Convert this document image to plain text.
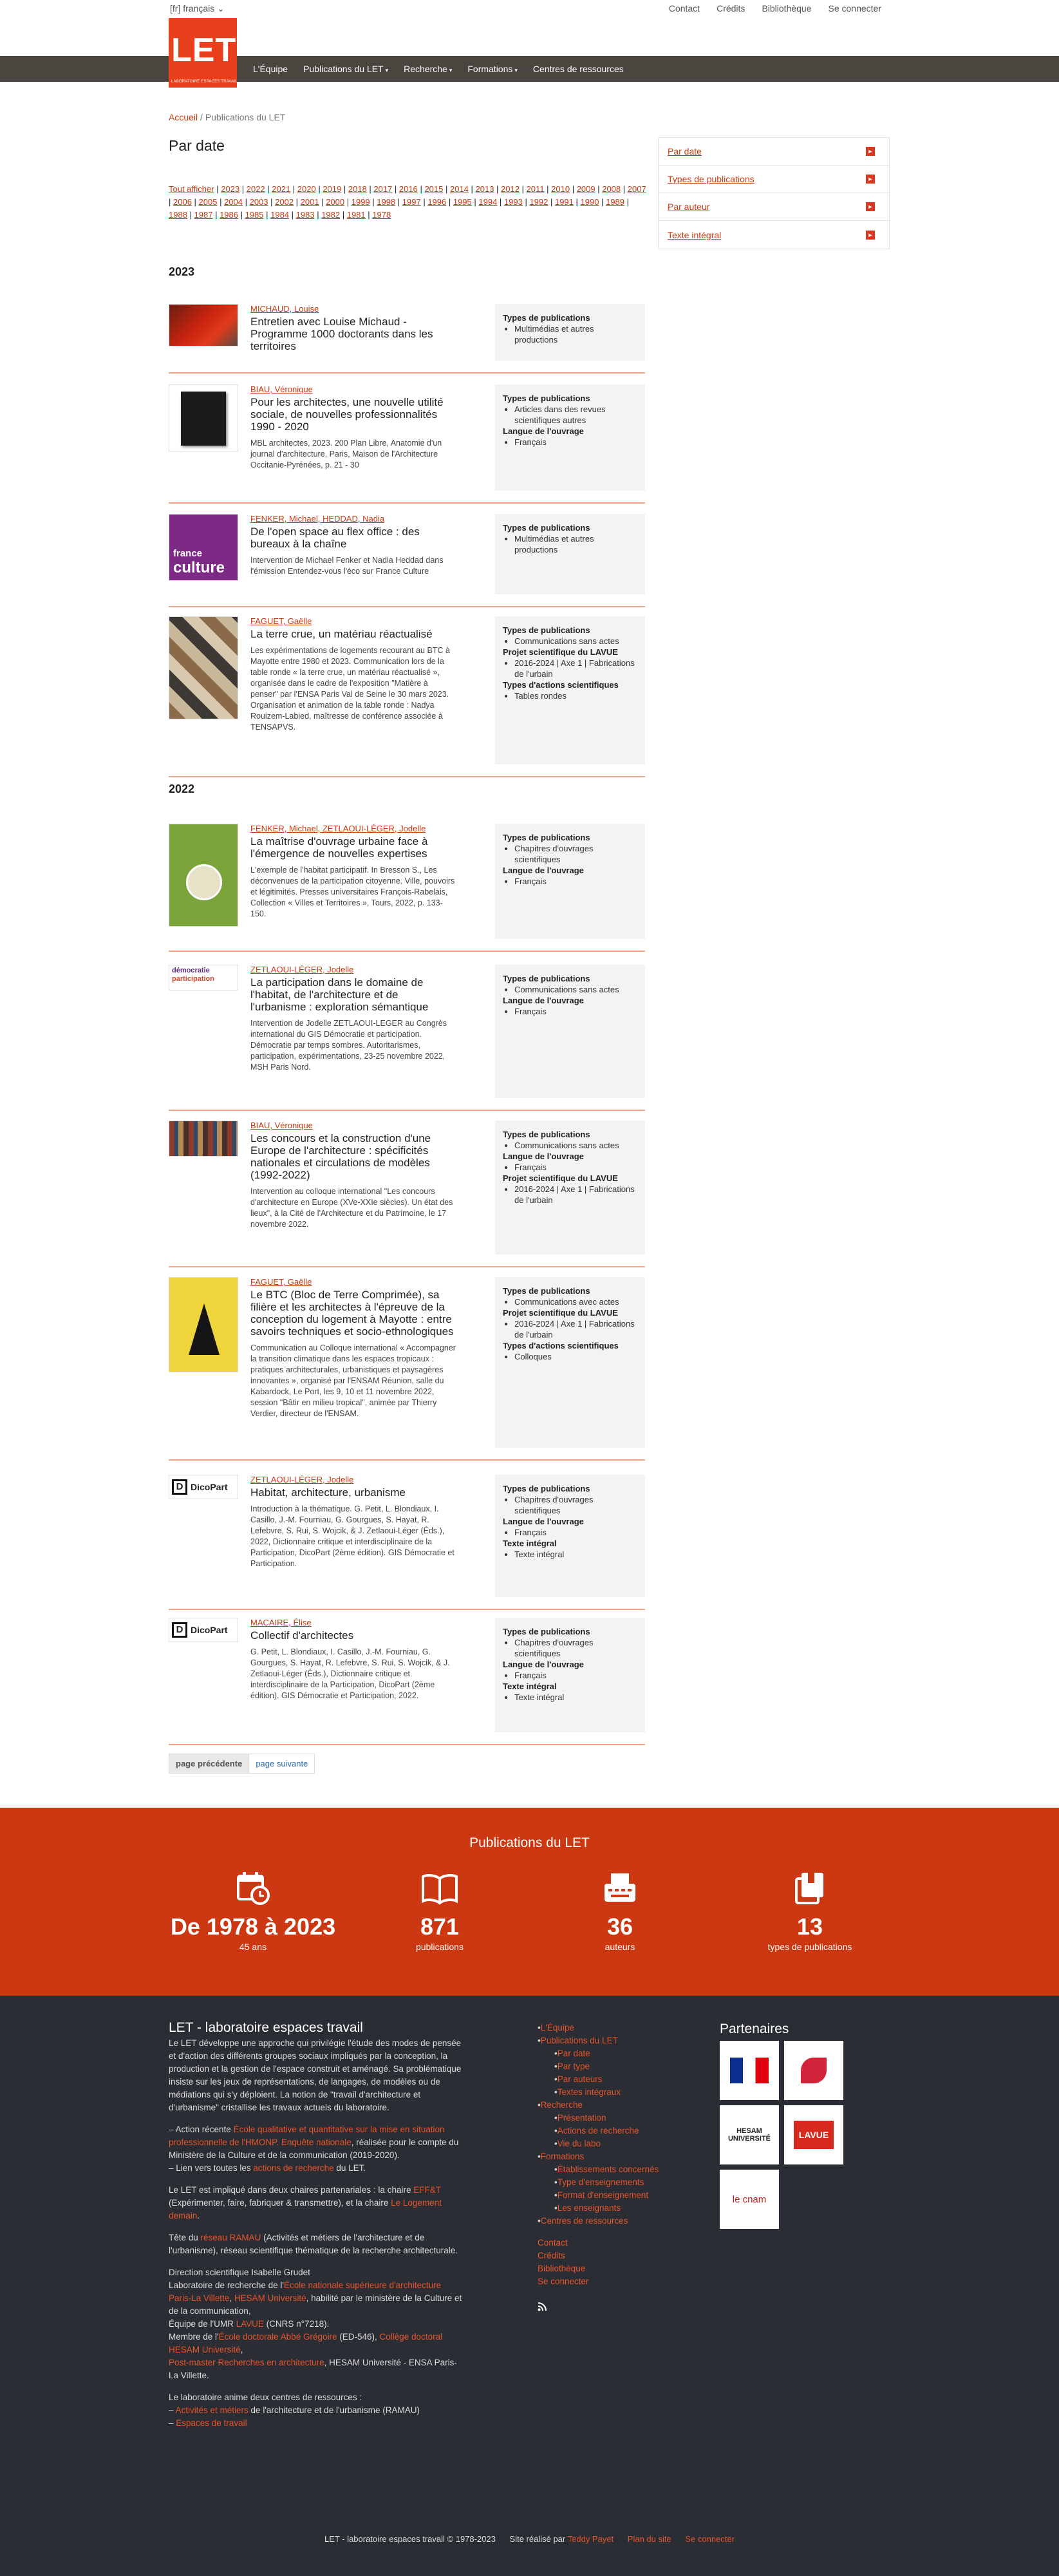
[fr] français ⌄	Contact Crédits Bibliothèque Se connecter
LET
LABORATOIRE ESPACES TRAVAIL
L'Équipe Publications du LET ▾ Recherche ▾ Formations ▾ Centres de ressources
Accueil / Publications du LET
Par date
Tout afficher | 2023 | 2022 | 2021 | 2020 | 2019 | 2018 | 2017 | 2016 | 2015 | 2014 | 2013 | 2012 | 2011 | 2010 | 2009 | 2008 | 2007 | 2006 | 2005 | 2004 | 2003 | 2002 | 2001 | 2000 | 1999 | 1998 | 1997 | 1996 | 1995 | 1994 | 1993 | 1992 | 1991 | 1990 | 1989 | 1988 | 1987 | 1986 | 1985 | 1984 | 1983 | 1982 | 1981 | 1978
Par date	►
Types de publications	►
Par auteur	►
Texte intégral	►
2023
2022
MICHAUD, Louise
Entretien avec Louise Michaud - Programme 1000 doctorants dans les territoires
Types de publications
• Multimédias et autres productions
BIAU, Véronique
Pour les architectes, une nouvelle utilité sociale, de nouvelles professionnalités 1990 - 2020
MBL architectes, 2023. 200 Plan Libre, Anatomie d'un journal d'architecture, Paris, Maison de l'Architecture Occitanie-Pyrénées, p. 21 - 30
Types de publications
• Articles dans des revues scientifiques autres
Langue de l'ouvrage
• Français
france
culture
FENKER, Michael, HEDDAD, Nadia
De l'open space au flex office : des bureaux à la chaîne
Intervention de Michael Fenker et Nadia Heddad dans l'émission Entendez-vous l'éco sur France Culture
Types de publications
• Multimédias et autres productions
FAGUET, Gaëlle
La terre crue, un matériau réactualisé
Les expérimentations de logements recourant au BTC à Mayotte entre 1980 et 2023. Communication lors de la table ronde « la terre crue, un matériau réactualisé », organisée dans le cadre de l'exposition "Matière à penser" par l'ENSA Paris Val de Seine le 30 mars 2023. Organisation et animation de la table ronde : Nadya Rouizem-Labied, maîtresse de conférence associée à TENSAPVS.
Types de publications
• Communications sans actes
Projet scientifique du LAVUE
• 2016-2024 | Axe 1 | Fabrications de l'urbain
Types d'actions scientifiques
• Tables rondes
FENKER, Michael, ZETLAOUI-LÉGER, Jodelle
La maîtrise d'ouvrage urbaine face à l'émergence de nouvelles expertises
L'exemple de l'habitat participatif. In Bresson S., Les déconvenues de la participation citoyenne. Ville, pouvoirs et légitimités. Presses universitaires François-Rabelais, Collection « Villes et Territoires », Tours, 2022, p. 133-150.
Types de publications
• Chapitres d'ouvrages scientifiques
Langue de l'ouvrage
• Français
démocratie
participation
ZETLAOUI-LÉGER, Jodelle
La participation dans le domaine de l'habitat, de l'architecture et de l'urbanisme : exploration sémantique
Intervention de Jodelle ZETLAOUI-LEGER au Congrès international du GIS Démocratie et participation. Démocratie par temps sombres. Autoritarismes, participation, expérimentations, 23-25 novembre 2022, MSH Paris Nord.
Types de publications
• Communications sans actes
Langue de l'ouvrage
• Français
BIAU, Véronique
Les concours et la construction d'une Europe de l'architecture : spécificités nationales et circulations de modèles (1992-2022)
Intervention au colloque international "Les concours d'architecture en Europe (XVe-XXIe siècles). Un état des lieux", à la Cité de l'Architecture et du Patrimoine, le 17 novembre 2022.
Types de publications
• Communications sans actes
Langue de l'ouvrage
• Français
Projet scientifique du LAVUE
• 2016-2024 | Axe 1 | Fabrications de l'urbain
FAGUET, Gaëlle
Le BTC (Bloc de Terre Comprimée), sa filière et les architectes à l'épreuve de la conception du logement à Mayotte : entre savoirs techniques et socio-ethnologiques
Communication au Colloque international « Accompagner la transition climatique dans les espaces tropicaux : pratiques architecturales, urbanistiques et paysagères innovantes », organisé par l'ENSAM Réunion, salle du Kabardock, Le Port, les 9, 10 et 11 novembre 2022, session "Bâtir en milieu tropical", animée par Thierry Verdier, directeur de l'ENSAM.
Types de publications
• Communications avec actes
Projet scientifique du LAVUE
• 2016-2024 | Axe 1 | Fabrications de l'urbain
Types d'actions scientifiques
• Colloques
D DicoPart
ZETLAOUI-LÉGER, Jodelle
Habitat, architecture, urbanisme
Introduction à la thématique. G. Petit, L. Blondiaux, I. Casillo, J.-M. Fourniau, G. Gourgues, S. Hayat, R. Lefebvre, S. Rui, S. Wojcik, & J. Zetlaoui-Léger (Éds.), 2022, Dictionnaire critique et interdisciplinaire de la Participation, DicoPart (2ème édition). GIS Démocratie et Participation.
Types de publications
• Chapitres d'ouvrages scientifiques
Langue de l'ouvrage
• Français
Texte intégral
• Texte intégral
D DicoPart
MACAIRE, Élise
Collectif d'architectes
G. Petit, L. Blondiaux, I. Casillo, J.-M. Fourniau, G. Gourgues, S. Hayat, R. Lefebvre, S. Rui, S. Wojcik, & J. Zetlaoui-Léger (Éds.), Dictionnaire critique et interdisciplinaire de la Participation, DicoPart (2ème édition). GIS Démocratie et Participation, 2022.
Types de publications
• Chapitres d'ouvrages scientifiques
Langue de l'ouvrage
• Français
Texte intégral
• Texte intégral
page précédente	page suivante
Publications du LET
De 1978 à 2023
45 ans
871
publications
36
auteurs
13
types de publications
LET - laboratoire espaces travail

Le LET développe une approche qui privilégie l'étude des modes de pensée et d'action des différents groupes sociaux impliqués par la conception, la production et la gestion de l'espace construit et aménagé. Sa problématique insiste sur les jeux de représentations, de langages, de modèles ou de médiations qui s'y déploient. La notion de "travail d'architecture et d'urbanisme" cristallise les travaux actuels du laboratoire.

– Action récente École qualitative et quantitative sur la mise en situation professionnelle de l'HMONP. Enquête nationale, réalisée pour le compte du Ministère de la Culture et de la communication (2019-2020).
– Lien vers toutes les actions de recherche du LET.

Le LET est impliqué dans deux chaires partenariales : la chaire EFF&T (Expérimenter, faire, fabriquer & transmettre), et la chaire Le Logement demain.

Tête du réseau RAMAU (Activités et métiers de l'architecture et de l'urbanisme), réseau scientifique thématique de la recherche architecturale.

Direction scientifique Isabelle Grudet
Laboratoire de recherche de l'École nationale supérieure d'architecture Paris-La Villette, HESAM Université, habilité par le ministère de la Culture et de la communication,
Équipe de l'UMR LAVUE (CNRS n°7218).
Membre de l'École doctorale Abbé Grégoire (ED-546), Collège doctoral HESAM Université,
Post-master Recherches en architecture, HESAM Université - ENSA Paris-La Villette.

Le laboratoire anime deux centres de ressources :
– Activités et métiers de l'architecture et de l'urbanisme (RAMAU)
– Espaces de travail

• L'Équipe
• Publications du LET
• Par date
• Par type
• Par auteurs
• Textes intégraux
• Recherche
• Présentation
• Actions de recherche
• Vie du labo
• Formations
• Établissements concernés
• Type d'enseignements
• Format d'enseignement
• Les enseignants
• Centres de ressources
Contact
Crédits
Bibliothèque
Se connecter
Partenaires
HESAM UNIVERSITÉ	LAVUE
le cnam
LET - laboratoire espaces travail © 1978-2023 Site réalisé par Teddy Payet Plan du site Se connecter
